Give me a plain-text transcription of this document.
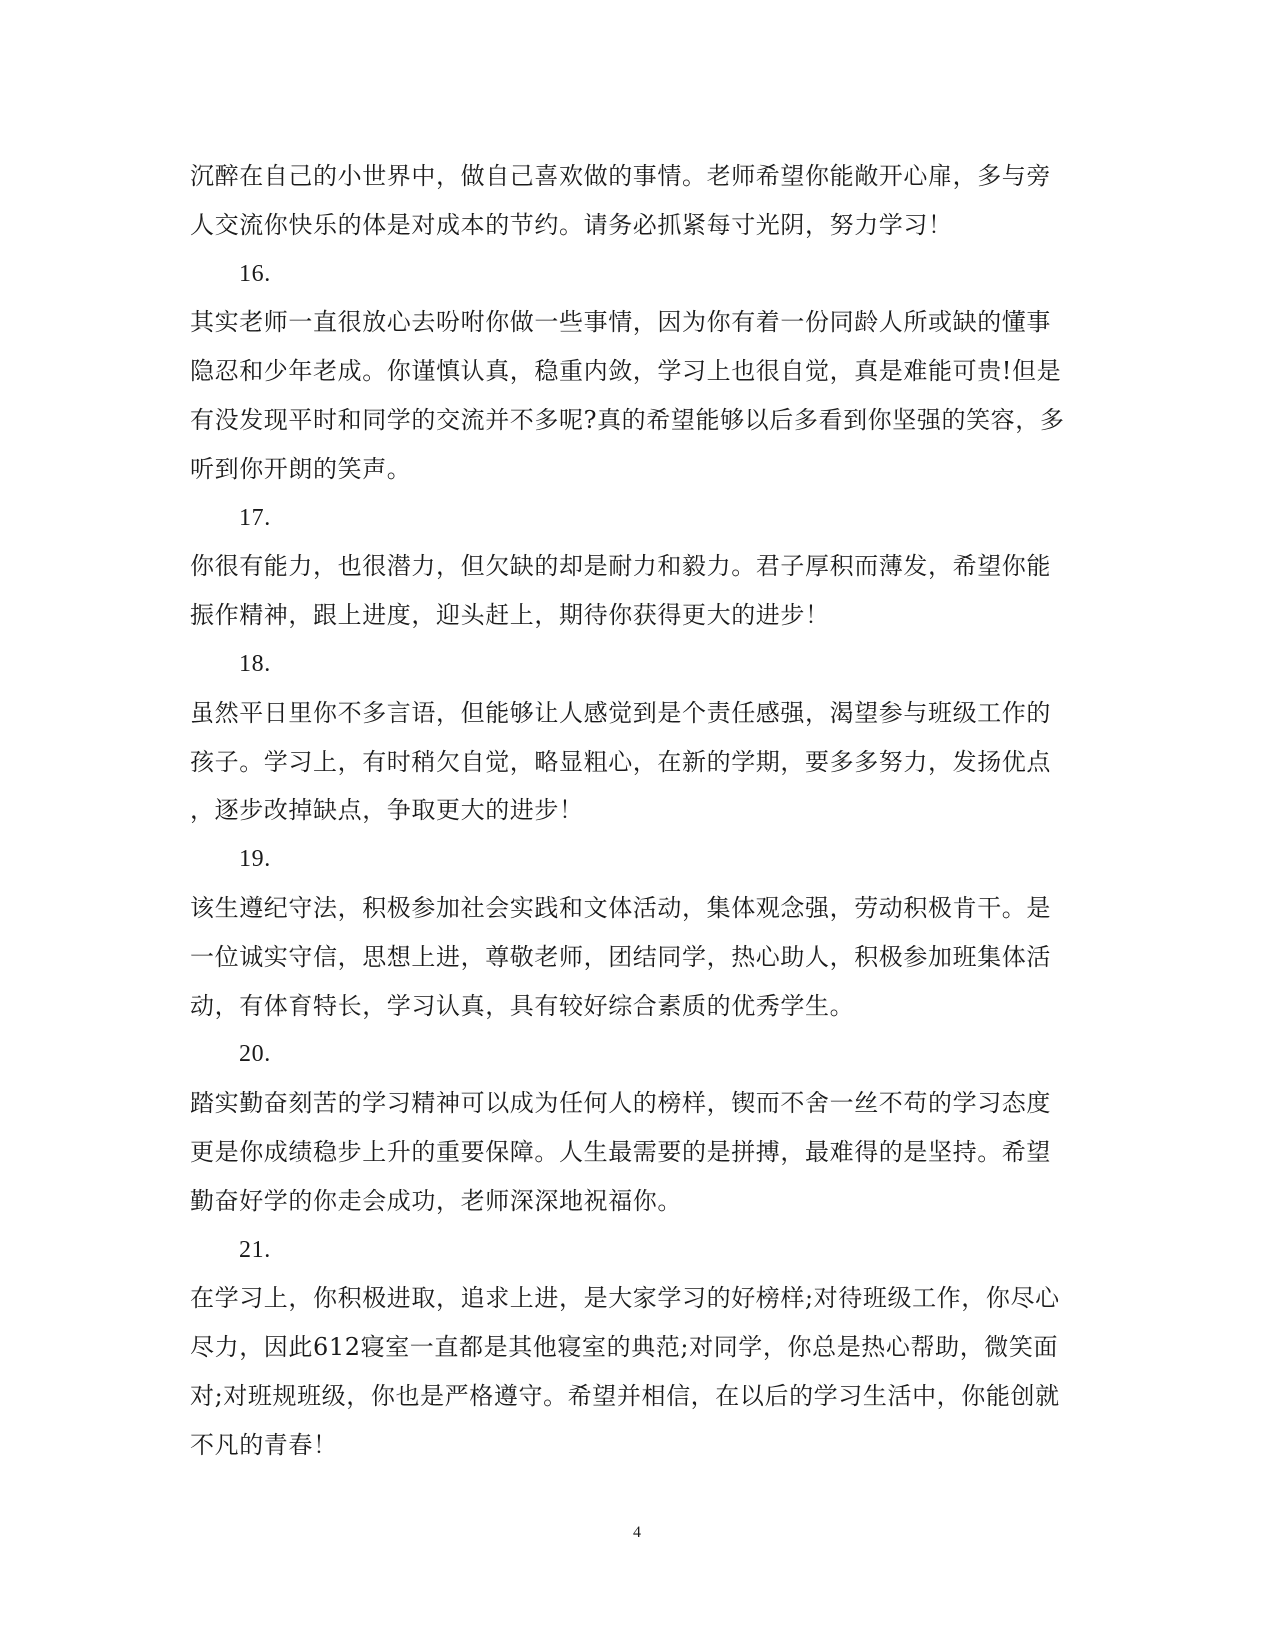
沉醉在自己的小世界中，做自己喜欢做的事情。老师希望你能敞开心扉，多与旁
人交流你快乐的体是对成本的节约。请务必抓紧每寸光阴，努力学习！
16.
其实老师一直很放心去吩咐你做一些事情，因为你有着一份同龄人所或缺的懂事
隐忍和少年老成。你谨慎认真，稳重内敛，学习上也很自觉，真是难能可贵!但是
有没发现平时和同学的交流并不多呢?真的希望能够以后多看到你坚强的笑容，多
听到你开朗的笑声。
17.
你很有能力，也很潜力，但欠缺的却是耐力和毅力。君子厚积而薄发，希望你能
振作精神，跟上进度，迎头赶上，期待你获得更大的进步！
18.
虽然平日里你不多言语，但能够让人感觉到是个责任感强，渴望参与班级工作的
孩子。学习上，有时稍欠自觉，略显粗心，在新的学期，要多多努力，发扬优点
，逐步改掉缺点，争取更大的进步！
19.
该生遵纪守法，积极参加社会实践和文体活动，集体观念强，劳动积极肯干。是
一位诚实守信，思想上进，尊敬老师，团结同学，热心助人，积极参加班集体活
动，有体育特长，学习认真，具有较好综合素质的优秀学生。
20.
踏实勤奋刻苦的学习精神可以成为任何人的榜样，锲而不舍一丝不苟的学习态度
更是你成绩稳步上升的重要保障。人生最需要的是拼搏，最难得的是坚持。希望
勤奋好学的你走会成功，老师深深地祝福你。
21.
在学习上，你积极进取，追求上进，是大家学习的好榜样;对待班级工作，你尽心
尽力，因此612寝室一直都是其他寝室的典范;对同学，你总是热心帮助，微笑面
对;对班规班级，你也是严格遵守。希望并相信，在以后的学习生活中，你能创就
不凡的青春！
4
